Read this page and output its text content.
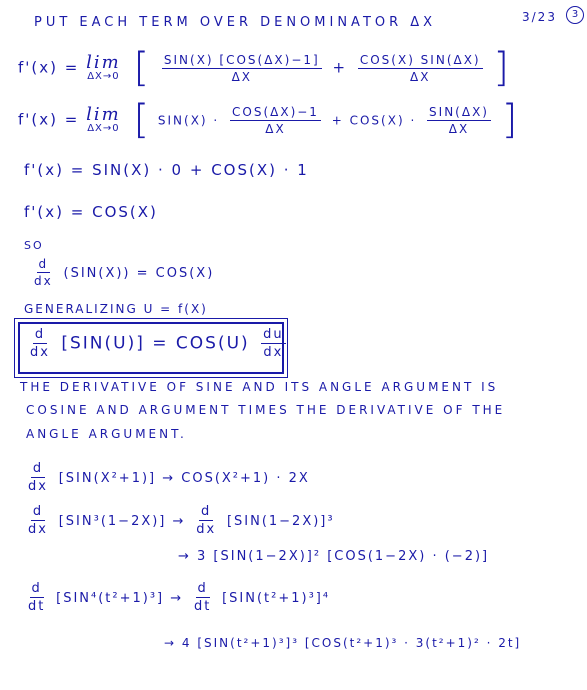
3/23	3
PUT EACH TERM OVER DENOMINATOR ΔX
f'(x) = lim
ΔX→0 [ $\frac{\text{SIN(X) [COS(ΔX)−1]}}{\Delta X} + \frac{\text{COS(X) SIN(ΔX)}}{\Delta X}$ ]
f'(x) = lim
ΔX→0 [ $SIN(X) \cdot \frac{\text{COS(ΔX)−1}}{\Delta X} + COS(X) \cdot \frac{\text{SIN(ΔX)}}{\Delta X}$ ]
f'(x) = SIN(X) · 0 + COS(X) · 1
f'(x) = COS(X)
SO
$\frac{d}{dx} (SIN(X)) = COS(X)$
GENERALIZING U = f(X)
$\frac{d}{dx} [SIN(U)] = COS(U) \frac{du}{dx}$
THE DERIVATIVE OF SINE AND ITS ANGLE ARGUMENT IS
COSINE AND ARGUMENT TIMES THE DERIVATIVE OF THE
ANGLE ARGUMENT.
$\frac{d}{dx} [SIN(X^2+1)] \to COS(X^2+1) \cdot 2X$
$\frac{d}{dx} [SIN^3(1-2X)] \to \frac{d}{dx} [SIN(1-2X)]^3$
→ 3 [SIN(1−2X)]² [COS(1−2X) · (−2)]
$\frac{d}{dt} [SIN^4(t^2+1)^3] \to \frac{d}{dt} [SIN(t^2+1)^3]^4$
→ 4 [SIN(t²+1)³]³ [COS(t²+1)³ · 3(t²+1)² · 2t]
